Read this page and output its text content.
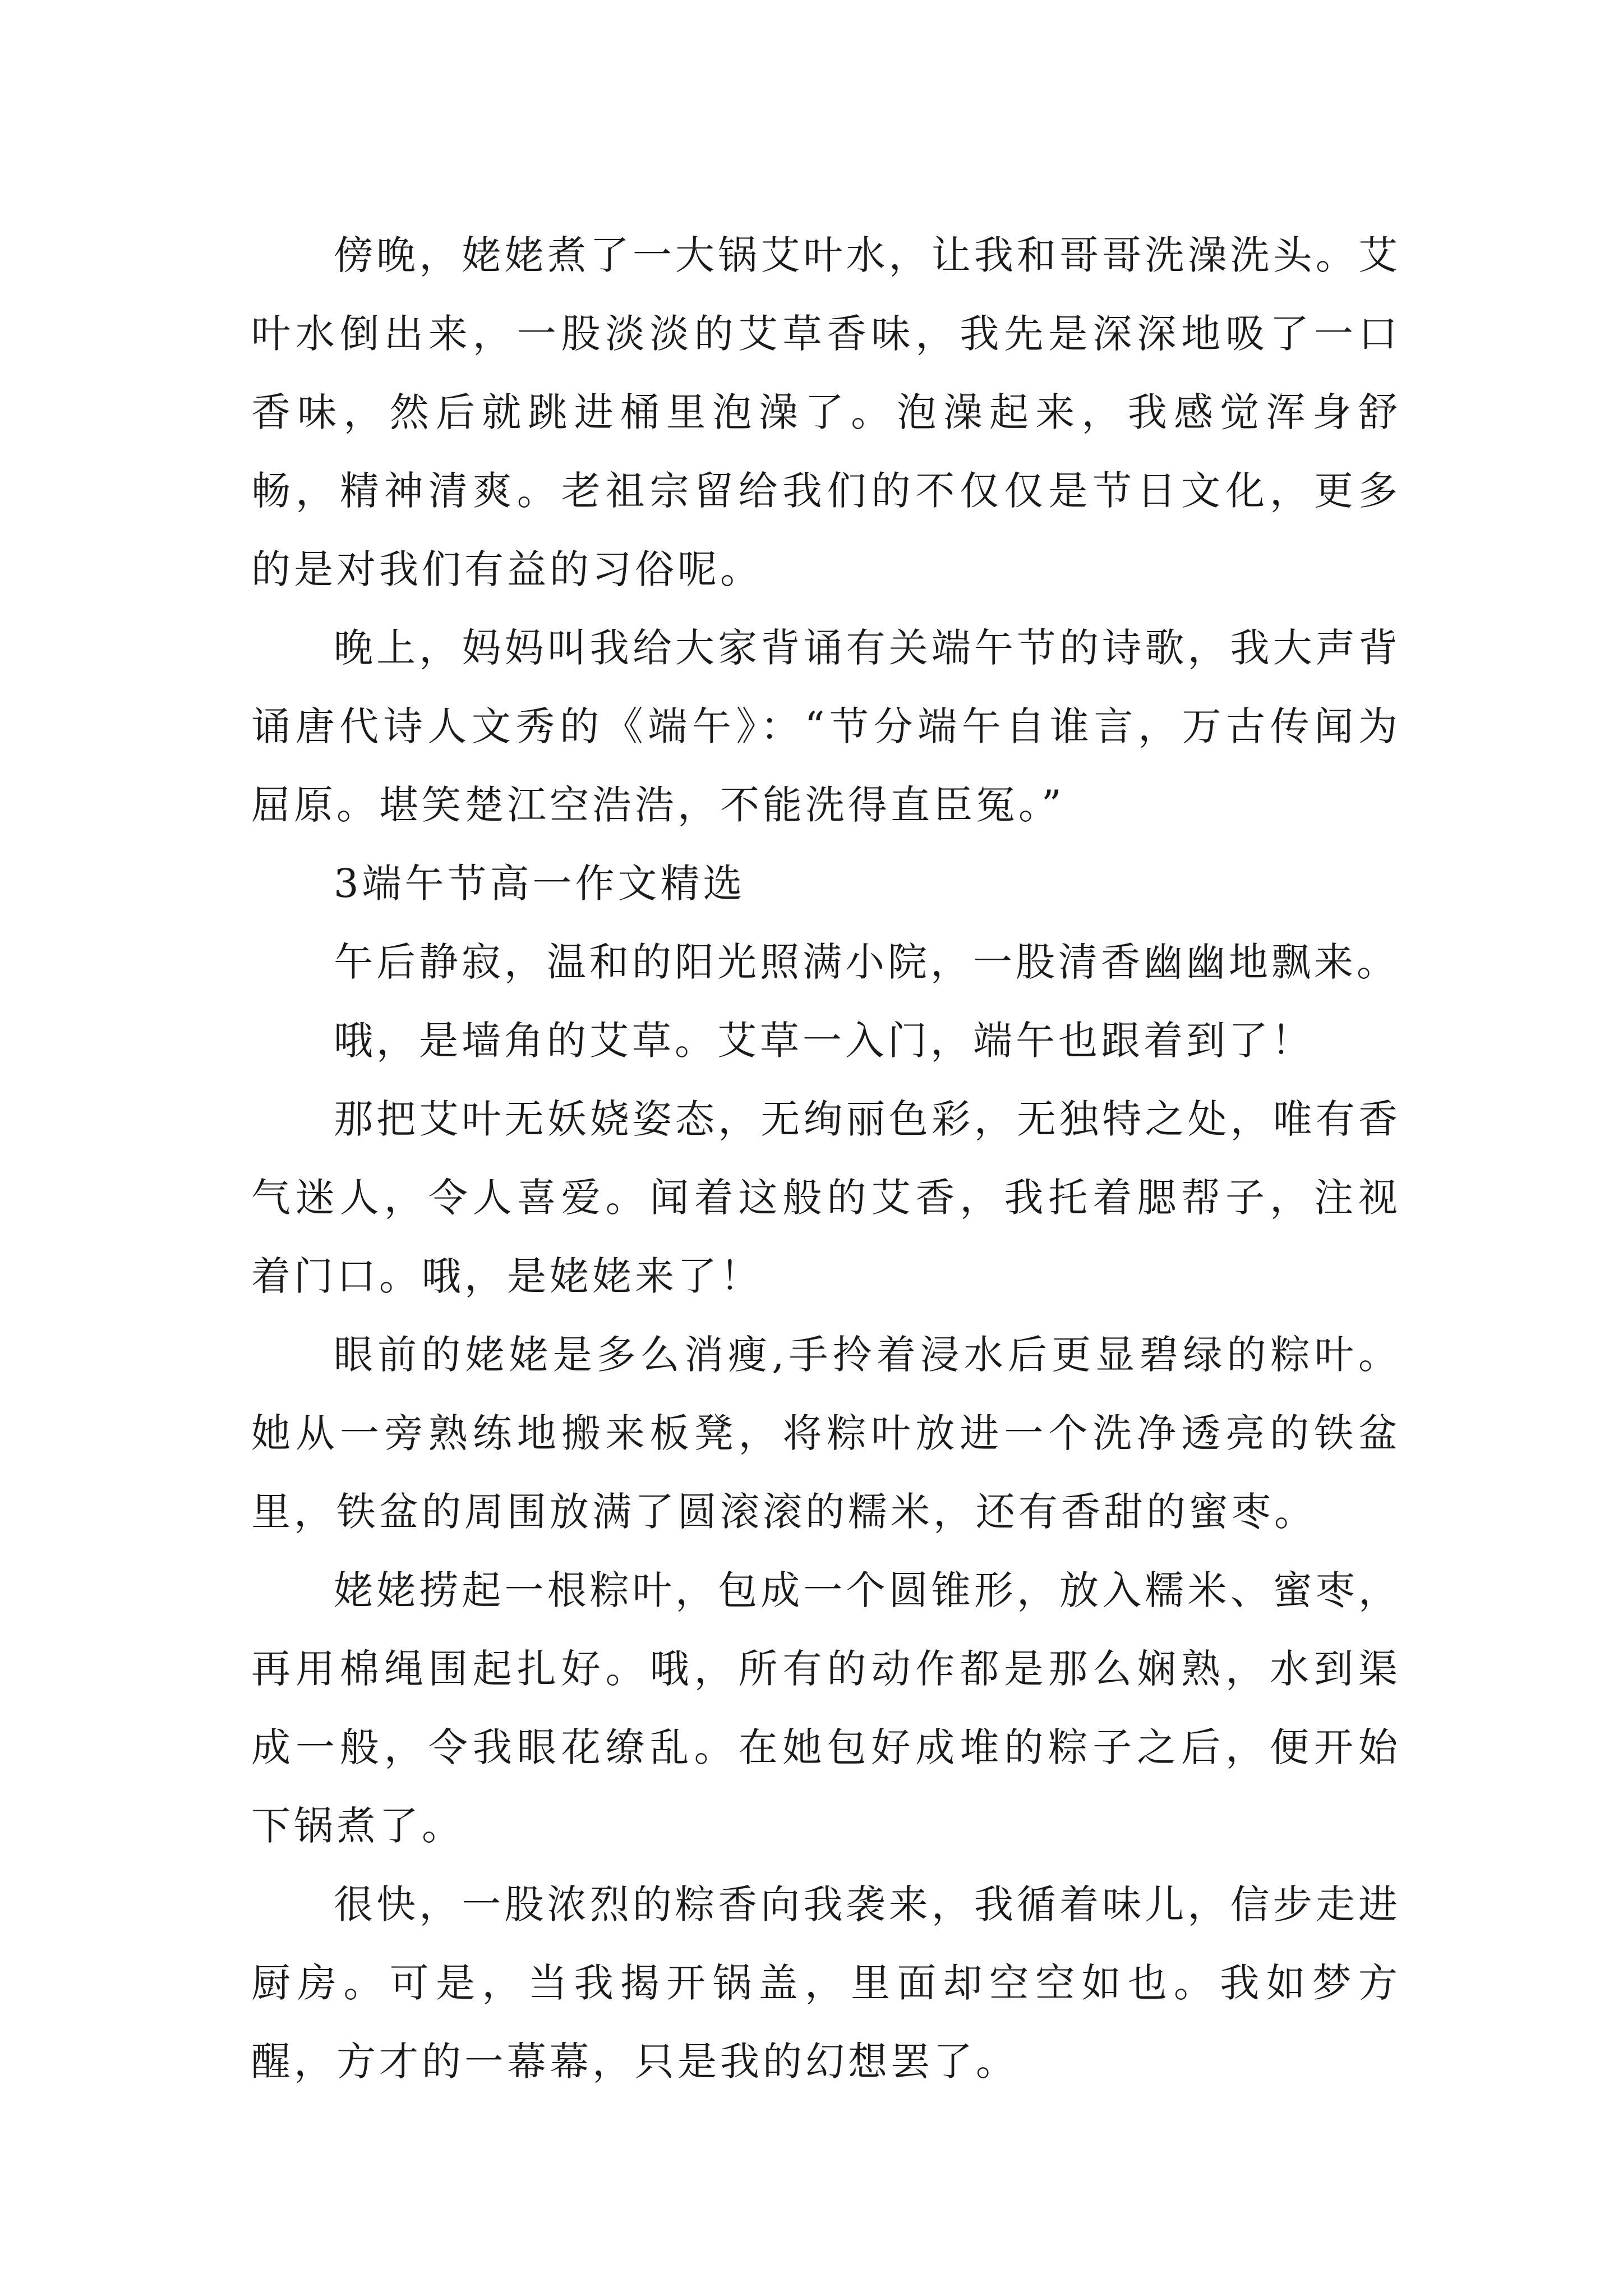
傍晚，姥姥煮了一大锅艾叶水，让我和哥哥洗澡洗头。艾叶水倒出来，一股淡淡的艾草香味，我先是深深地吸了一口香味，然后就跳进桶里泡澡了。泡澡起来，我感觉浑身舒畅，精神清爽。老祖宗留给我们的不仅仅是节日文化，更多的是对我们有益的习俗呢。

晚上，妈妈叫我给大家背诵有关端午节的诗歌，我大声背诵唐代诗人文秀的《端午》：“节分端午自谁言，万古传闻为屈原。堪笑楚江空浩浩，不能洗得直臣冤。”

3端午节高一作文精选

午后静寂，温和的阳光照满小院，一股清香幽幽地飘来。

哦，是墙角的艾草。艾草一入门，端午也跟着到了！

那把艾叶无妖娆姿态，无绚丽色彩，无独特之处，唯有香气迷人，令人喜爱。闻着这般的艾香，我托着腮帮子，注视着门口。哦，是姥姥来了！

眼前的姥姥是多么消瘦,手拎着浸水后更显碧绿的粽叶。她从一旁熟练地搬来板凳，将粽叶放进一个洗净透亮的铁盆里，铁盆的周围放满了圆滚滚的糯米，还有香甜的蜜枣。

姥姥捞起一根粽叶，包成一个圆锥形，放入糯米、蜜枣，再用棉绳围起扎好。哦，所有的动作都是那么娴熟，水到渠成一般，令我眼花缭乱。在她包好成堆的粽子之后，便开始下锅煮了。

很快，一股浓烈的粽香向我袭来，我循着味儿，信步走进厨房。可是，当我揭开锅盖，里面却空空如也。我如梦方醒，方才的一幕幕，只是我的幻想罢了。
